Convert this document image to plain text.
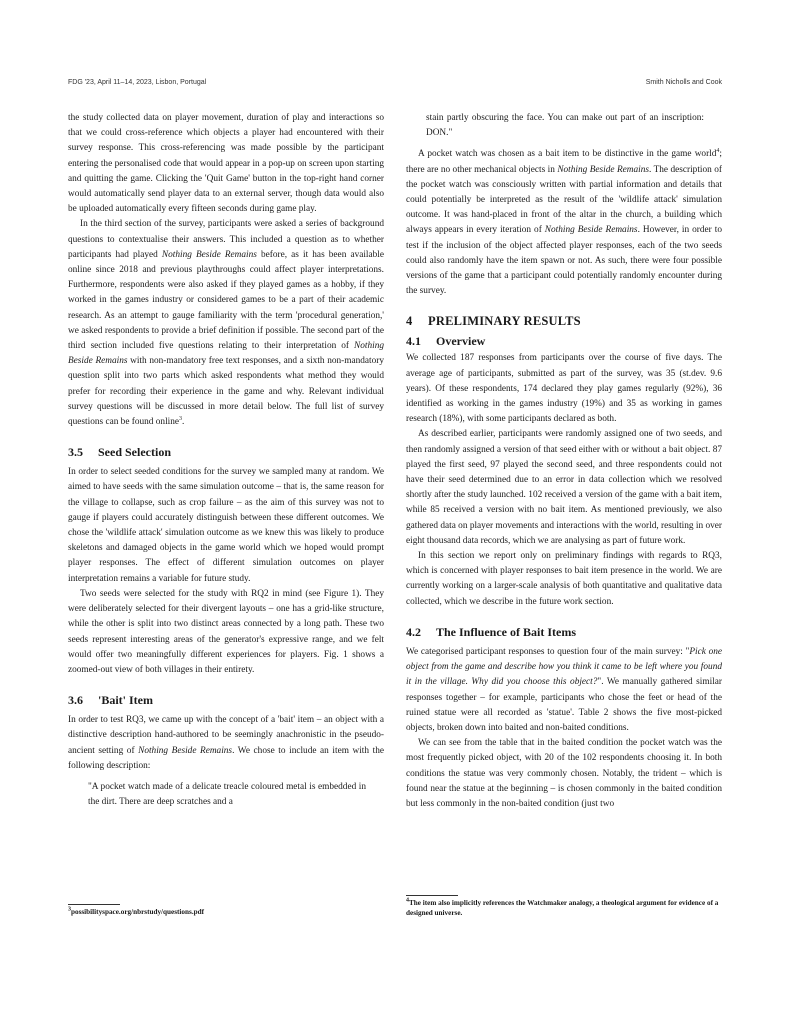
FDG '23, April 11–14, 2023, Lisbon, Portugal	Smith Nicholls and Cook

the study collected data on player movement, duration of play and interactions so that we could cross-reference which objects a player had encountered with their survey response. This cross-referencing was made possible by the participant entering the personalised code that would appear in a pop-up on screen upon starting and quitting the game. Clicking the 'Quit Game' button in the top-right hand corner would automatically send player data to an external server, though data would also be uploaded automatically every fifteen seconds during game play.

In the third section of the survey, participants were asked a series of background questions to contextualise their answers. This included a question as to whether participants had played Nothing Beside Remains before, as it has been available online since 2018 and previous playthroughs could affect player interpretations. Furthermore, respondents were also asked if they played games as a hobby, if they worked in the games industry or considered games to be a part of their academic research. As an attempt to gauge familiarity with the term 'procedural generation,' we asked respondents to provide a brief definition if possible. The second part of the third section included five questions relating to their interpretation of Nothing Beside Remains with non-mandatory free text responses, and a sixth non-mandatory question split into two parts which asked respondents what method they would prefer for recording their experience in the game and why. Relevant individual survey questions will be discussed in more detail below. The full list of survey questions can be found online$^3$.

3.5 Seed Selection

In order to select seeded conditions for the survey we sampled many at random. We aimed to have seeds with the same simulation outcome – that is, the same reason for the village to collapse, such as crop failure – as the aim of this survey was not to gauge if players could accurately distinguish between these different outcomes. We chose the 'wildlife attack' simulation outcome as we knew this was likely to produce skeletons and damaged objects in the game world which we hoped would prompt player responses. The effect of different simulation outcomes on player interpretation remains a variable for future study.

Two seeds were selected for the study with RQ2 in mind (see Figure 1). They were deliberately selected for their divergent layouts – one has a grid-like structure, while the other is split into two distinct areas connected by a long path. These two seeds represent interesting areas of the generator's expressive range, and we felt would offer two meaningfully different experiences for players. Fig. 1 shows a zoomed-out view of both villages in their entirety.

3.6 'Bait' Item

In order to test RQ3, we came up with the concept of a 'bait' item – an object with a distinctive description hand-authored to be seemingly anachronistic in the pseudo-ancient setting of Nothing Beside Remains. We chose to include an item with the following description:

"A pocket watch made of a delicate treacle coloured metal is embedded in the dirt. There are deep scratches and a
$^3$possibilityspace.org/nbrstudy/questions.pdf
stain partly obscuring the face. You can make out part of an inscription: DON."

A pocket watch was chosen as a bait item to be distinctive in the game world$^4$; there are no other mechanical objects in Nothing Beside Remains. The description of the pocket watch was consciously written with partial information and details that could potentially be interpreted as the result of the 'wildlife attack' simulation outcome. It was hand-placed in front of the altar in the church, a building which always appears in every iteration of Nothing Beside Remains. However, in order to test if the inclusion of the object affected player responses, each of the two seeds could also randomly have the item spawn or not. As such, there were four possible versions of the game that a participant could potentially randomly encounter during the survey.

4 PRELIMINARY RESULTS
4.1 Overview

We collected 187 responses from participants over the course of five days. The average age of participants, submitted as part of the survey, was 35 (st.dev. 9.6 years). Of these respondents, 174 declared they play games regularly (92%), 36 identified as working in the games industry (19%) and 35 as working in games research (18%), with some participants declared as both.

As described earlier, participants were randomly assigned one of two seeds, and then randomly assigned a version of that seed either with or without a bait object. 87 played the first seed, 97 played the second seed, and three respondents could not have their seed determined due to an error in data collection which we resolved shortly after the study launched. 102 received a version of the game with a bait item, while 85 received a version with no bait item. As mentioned previously, we also gathered data on player movements and interactions with the world, resulting in over eight thousand data records, which we are analysing as part of future work.

In this section we report only on preliminary findings with regards to RQ3, which is concerned with player responses to bait item presence in the world. We are currently working on a larger-scale analysis of both quantitative and qualitative data collected, which we describe in the future work section.

4.2 The Influence of Bait Items

We categorised participant responses to question four of the main survey: "Pick one object from the game and describe how you think it came to be left where you found it in the village. Why did you choose this object?". We manually gathered similar responses together – for example, participants who chose the feet or head of the ruined statue were all recorded as 'statue'. Table 2 shows the five most-picked objects, broken down into baited and non-baited conditions.

We can see from the table that in the baited condition the pocket watch was the most frequently picked object, with 20 of the 102 respondents choosing it. In both conditions the statue was very commonly chosen. Notably, the trident – which is found near the statue at the beginning – is chosen commonly in the baited condition but less commonly in the non-baited condition (just two

$^4$The item also implicitly references the Watchmaker analogy, a theological argument for evidence of a designed universe.
